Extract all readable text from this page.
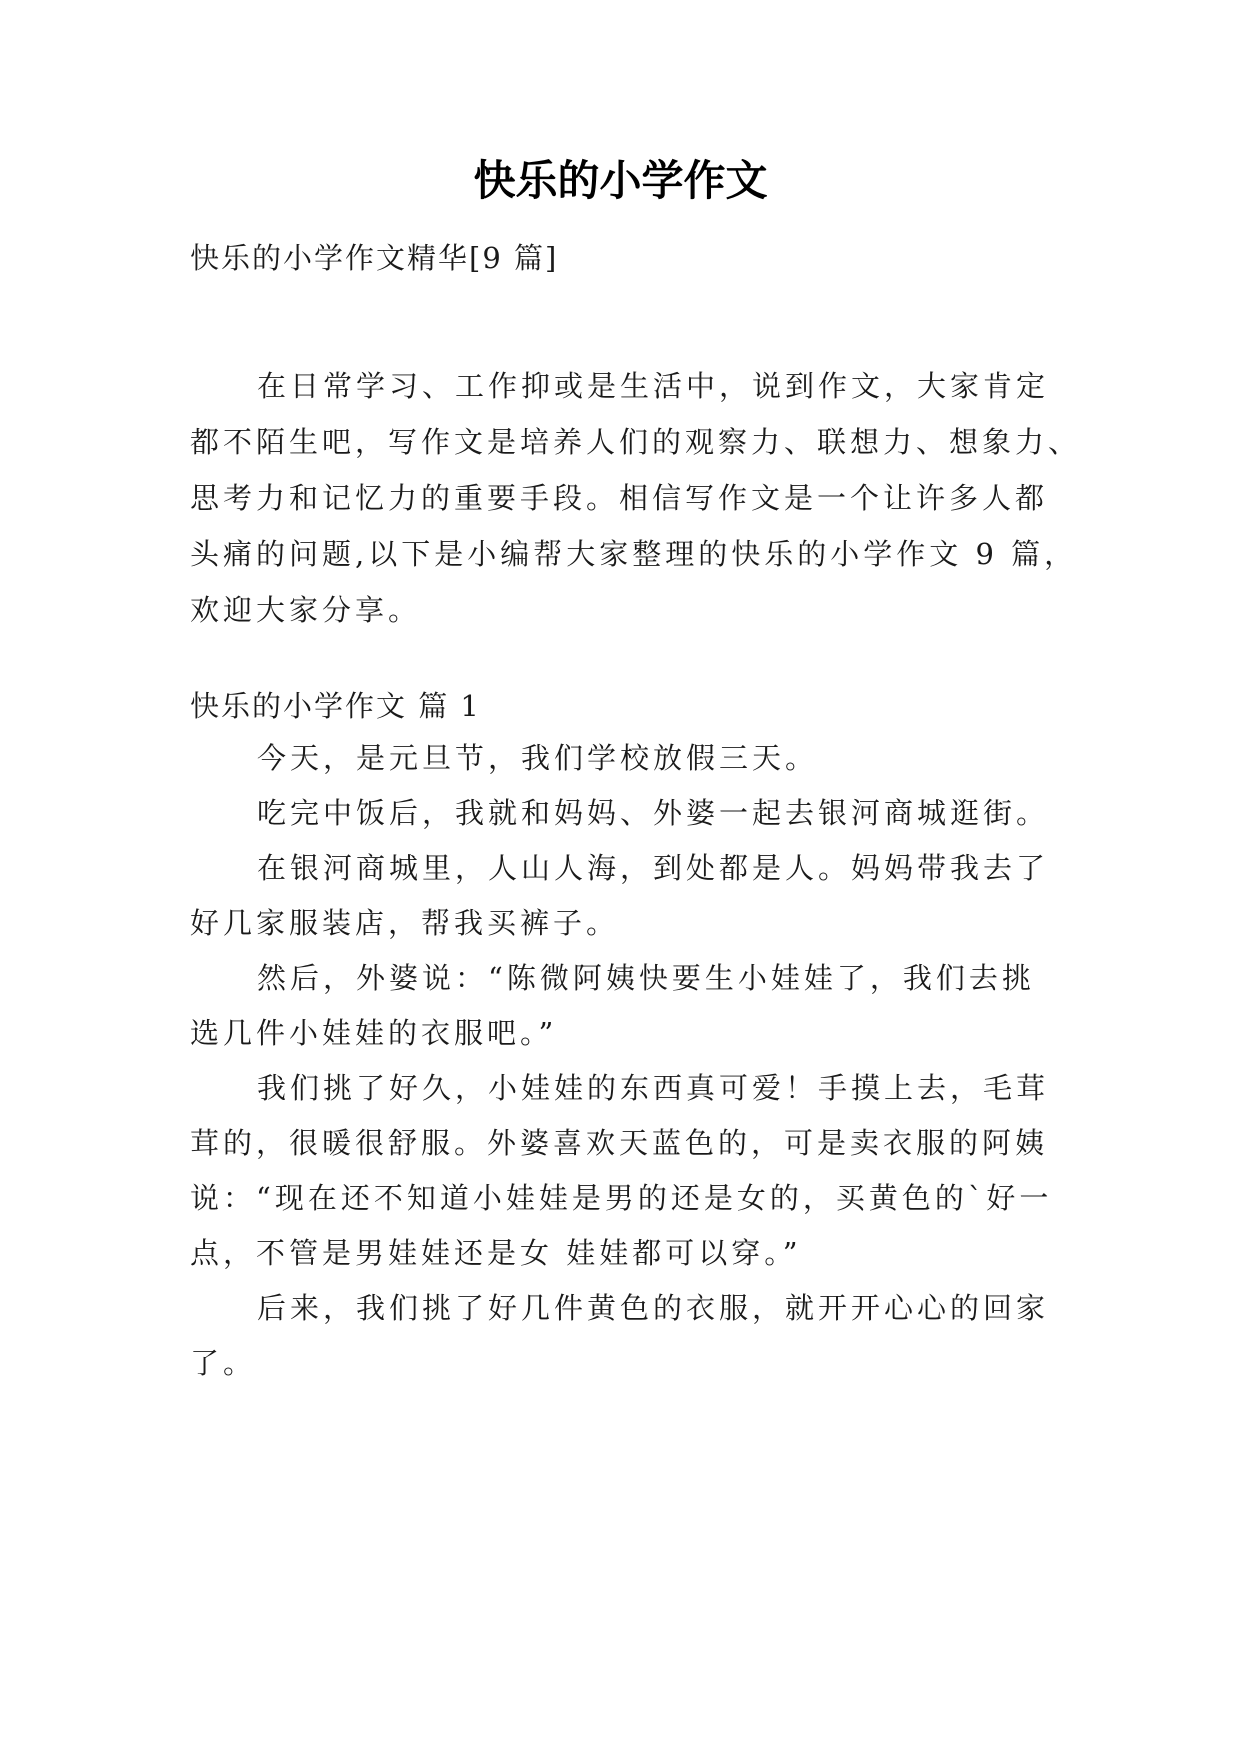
快乐的小学作文
快乐的小学作文精华[9 篇]
在日常学习、工作抑或是生活中，说到作文，大家肯定
都不陌生吧，写作文是培养人们的观察力、联想力、想象力、
思考力和记忆力的重要手段。相信写作文是一个让许多人都
头痛的问题,以下是小编帮大家整理的快乐的小学作文 9 篇，
欢迎大家分享。
快乐的小学作文 篇 1
今天，是元旦节，我们学校放假三天。
吃完中饭后，我就和妈妈、外婆一起去银河商城逛街。
在银河商城里，人山人海，到处都是人。妈妈带我去了
好几家服装店，帮我买裤子。
然后，外婆说：“陈微阿姨快要生小娃娃了，我们去挑
选几件小娃娃的衣服吧。”
我们挑了好久，小娃娃的东西真可爱！手摸上去，毛茸
茸的，很暖很舒服。外婆喜欢天蓝色的，可是卖衣服的阿姨
说：“现在还不知道小娃娃是男的还是女的，买黄色的`好一
点，不管是男娃娃还是女 娃娃都可以穿。”
后来，我们挑了好几件黄色的衣服，就开开心心的回家
了。
